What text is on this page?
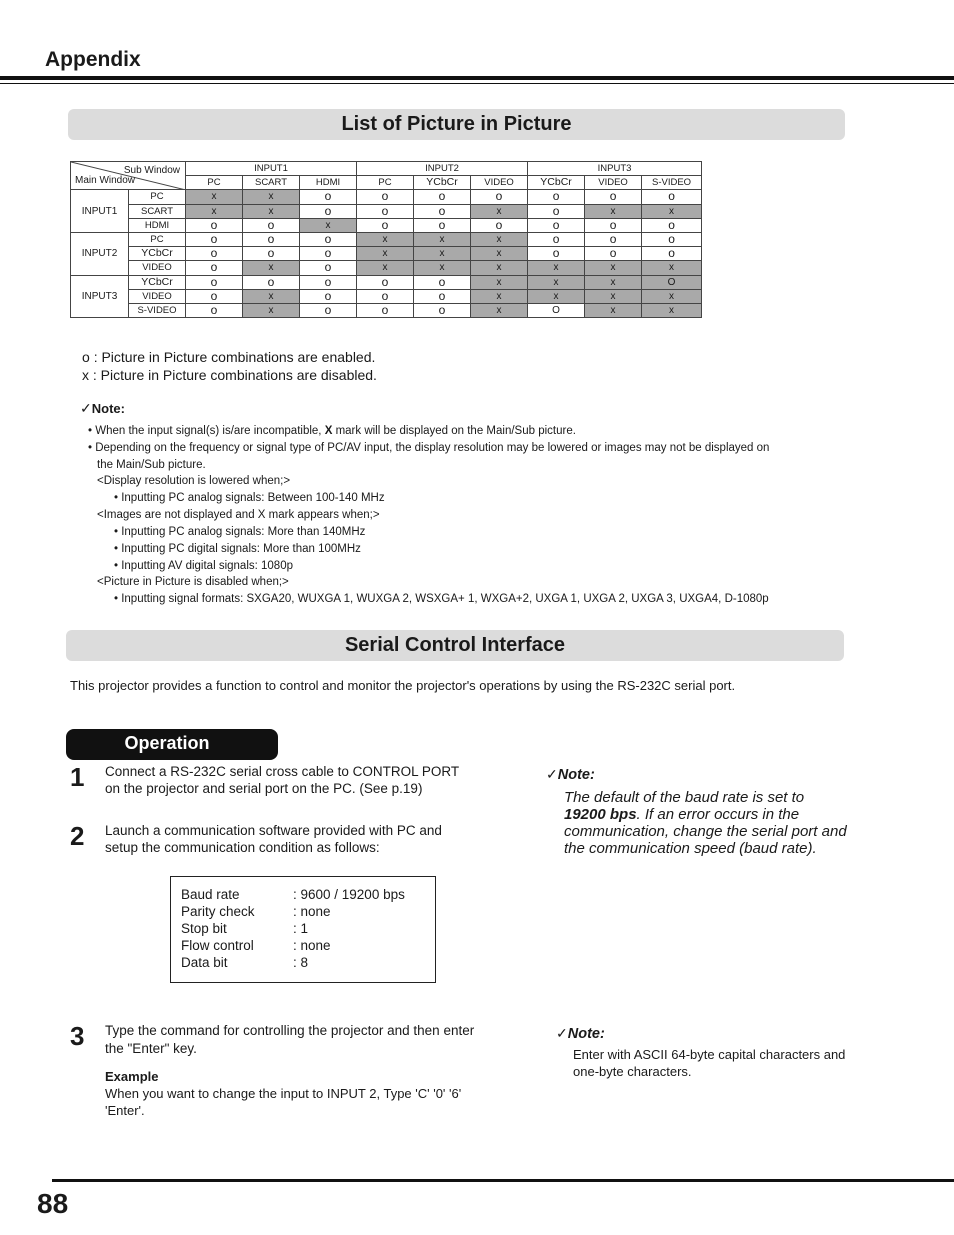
Appendix
List of Picture in Picture
Sub Window
Main Window		INPUT1			INPUT2			INPUT3		
		PC	SCART	HDMI	PC	YCbCr	VIDEO	YCbCr	VIDEO	S-VIDEO
INPUT1	PC	x	x	o	o	o	o	o	o	o
	SCART	x	x	o	o	o	x	o	x	x
	HDMI	o	o	x	o	o	o	o	o	o
INPUT2	PC	o	o	o	x	x	x	o	o	o
	YCbCr	o	o	o	x	x	x	o	o	o
	VIDEO	o	x	o	x	x	x	x	x	x
INPUT3	YCbCr	o	o	o	o	o	x	x	x	O
	VIDEO	o	x	o	o	o	x	x	x	x
	S-VIDEO	o	x	o	o	o	x	O	x	x
o : Picture in Picture combinations are enabled.
x : Picture in Picture combinations are disabled.
✓Note:
• When the input signal(s) is/are incompatible, X mark will be displayed on the Main/Sub picture.
• Depending on the frequency or signal type of PC/AV input, the display resolution may be lowered or images may not be displayed on
the Main/Sub picture.
<Display resolution is lowered when;>
• Inputting PC analog signals: Between 100-140 MHz
<Images are not displayed and X mark appears when;>
• Inputting PC analog signals: More than 140MHz
• Inputting PC digital signals: More than 100MHz
• Inputting AV digital signals: 1080p
<Picture in Picture is disabled when;>
• Inputting signal formats: SXGA20, WUXGA 1, WUXGA 2, WSXGA+ 1, WXGA+2, UXGA 1, UXGA 2, UXGA 3, UXGA4, D-1080p
Serial Control Interface
This projector provides a function to control and monitor the projector's operations by using the RS-232C serial port.
Operation
1 Connect a RS-232C serial cross cable to CONTROL PORT
on the projector and serial port on the PC. (See p.19)
2 Launch a communication software provided with PC and
setup the communication condition as follows:
Baud rate	: 9600 / 19200 bps
Parity check	: none
Stop bit	: 1
Flow control	: none
Data bit	: 8
3 Type the command for controlling the projector and then enter
the "Enter" key.
Example
When you want to change the input to INPUT 2, Type 'C' '0' '6'
'Enter'.
✓Note:
The default of the baud rate is set to
19200 bps. If an error occurs in the
communication, change the serial port and
the communication speed (baud rate).
✓Note:
Enter with ASCII 64-byte capital characters and
one-byte characters.
88
